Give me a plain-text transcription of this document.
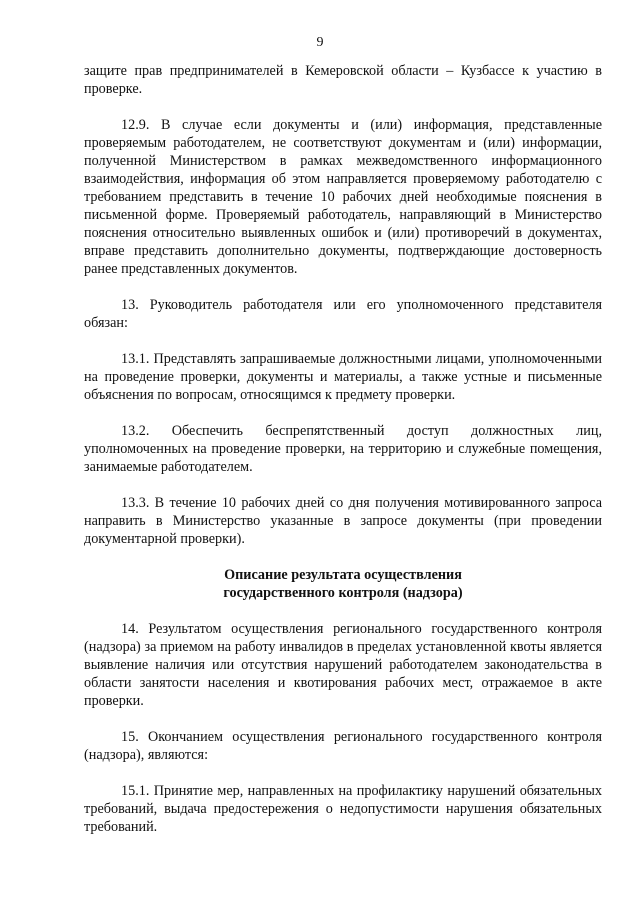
9

защите прав предпринимателей в Кемеровской области – Кузбассе к участию в проверке.

12.9. В случае если документы и (или) информация, представленные проверяемым работодателем, не соответствуют документам и (или) информации, полученной Министерством в рамках межведомственного информационного взаимодействия, информация об этом направляется проверяемому работодателю с требованием представить в течение 10 рабочих дней необходимые пояснения в письменной форме. Проверяемый работодатель, направляющий в Министерство пояснения относительно выявленных ошибок и (или) противоречий в документах, вправе представить дополнительно документы, подтверждающие достоверность ранее представленных документов.

13. Руководитель работодателя или его уполномоченного представителя обязан:

13.1. Представлять запрашиваемые должностными лицами, уполномоченными на проведение проверки, документы и материалы, а также устные и письменные объяснения по вопросам, относящимся к предмету проверки.

13.2. Обеспечить беспрепятственный доступ должностных лиц, уполномоченных на проведение проверки, на территорию и служебные помещения, занимаемые работодателем.

13.3. В течение 10 рабочих дней со дня получения мотивированного запроса направить в Министерство указанные в запросе документы (при проведении документарной проверки).

Описание результата осуществления
государственного контроля (надзора)

14. Результатом осуществления регионального государственного контроля (надзора) за приемом на работу инвалидов в пределах установленной квоты является выявление наличия или отсутствия нарушений работодателем законодательства в области занятости населения и квотирования рабочих мест, отражаемое в акте проверки.

15. Окончанием осуществления регионального государственного контроля (надзора), являются:

15.1. Принятие мер, направленных на профилактику нарушений обязательных требований, выдача предостережения о недопустимости нарушения обязательных требований.
